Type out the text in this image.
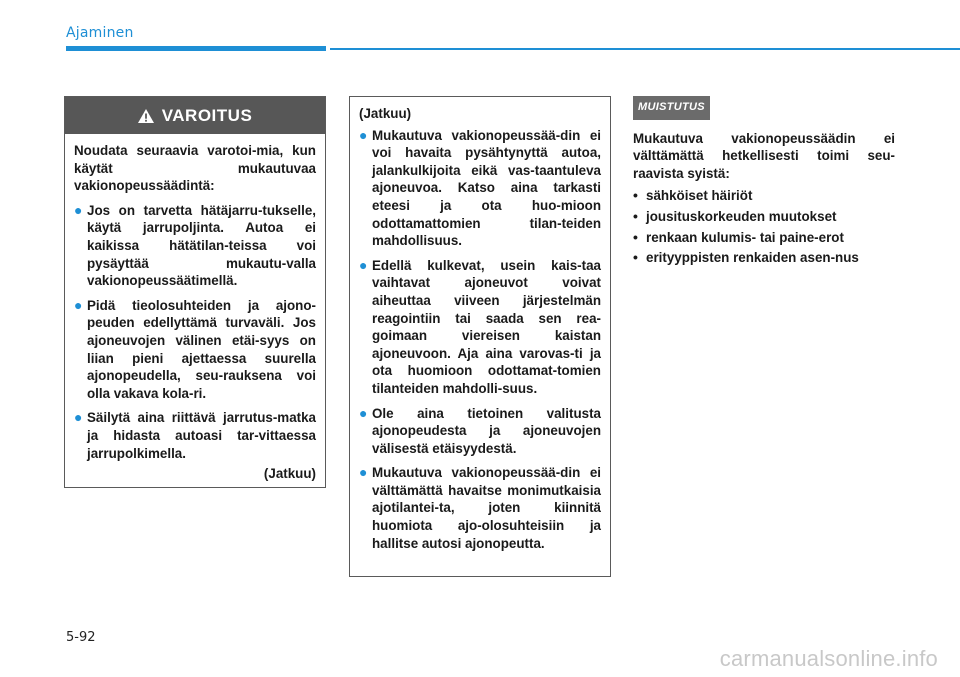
Ajaminen
VAROITUS

Noudata seuraavia varotoi-mia, kun käytät mukautuvaa vakionopeussäädintä:

● Jos on tarvetta hätäjarru-tukselle, käytä jarrupoljinta. Autoa ei kaikissa hätätilan-teissa voi pysäyttää mukautu-valla vakionopeussäätimellä.
● Pidä tieolosuhteiden ja ajono-peuden edellyttämä turvaväli. Jos ajoneuvojen välinen etäi-syys on liian pieni ajettaessa suurella ajonopeudella, seu-rauksena voi olla vakava kola-ri.
● Säilytä aina riittävä jarrutus-matka ja hidasta autoasi tar-vittaessa jarrupolkimella.
(Jatkuu)

(Jatkuu)

● Mukautuva vakionopeussää-din ei voi havaita pysähtynyttä autoa, jalankulkijoita eikä vas-taantuleva ajoneuvoa. Katso aina tarkasti eteesi ja ota huo-mioon odottamattomien tilan-teiden mahdollisuus.
● Edellä kulkevat, usein kais-taa vaihtavat ajoneuvot voivat aiheuttaa viiveen järjestelmän reagointiin tai saada sen rea-goimaan viereisen kaistan ajoneuvoon. Aja aina varovas-ti ja ota huomioon odottamat-tomien tilanteiden mahdolli-suus.
● Ole aina tietoinen valitusta ajonopeudesta ja ajoneuvojen välisestä etäisyydestä.
● Mukautuva vakionopeussää-din ei välttämättä havaitse monimutkaisia ajotilantei-ta, joten kiinnitä huomiota ajo-olosuhteisiin ja hallitse autosi ajonopeutta.
MUISTUTUS

Mukautuva vakionopeussäädin ei välttämättä hetkellisesti toimi seu-raavista syistä:

• sähköiset häiriöt
• jousituskorkeuden muutokset
• renkaan kulumis- tai paine-erot
• erityyppisten renkaiden asen-nus
5-92
carmanualsonline.info
